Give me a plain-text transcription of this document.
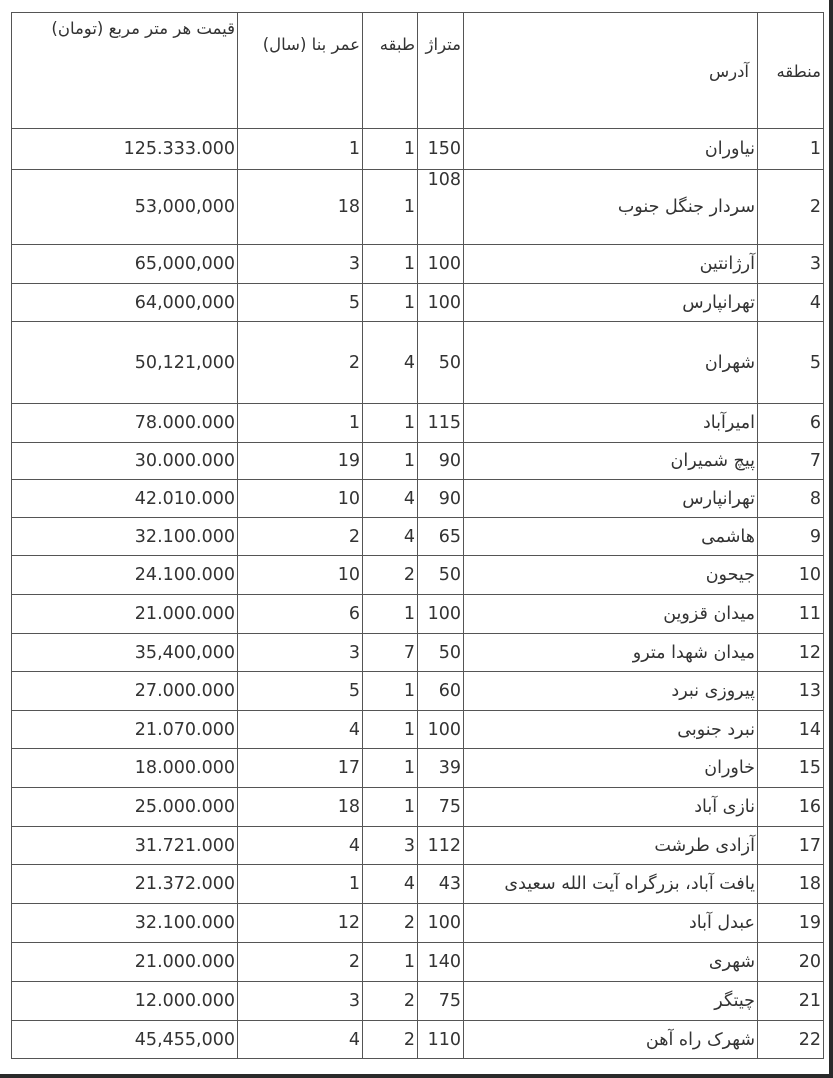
قیمت هر متر مربع (تومان)	عمر بنا (سال)	طبقه	متراژ	آدرس	منطقه
125.333.000	1	1	150	نیاوران	1
53,000,000	18	1	108	سردار جنگل جنوب	2
65,000,000	3	1	100	آرژانتین	3
64,000,000	5	1	100	تهرانپارس	4
50,121,000	2	4	50	شهران	5
78.000.000	1	1	115	امیرآباد	6
30.000.000	19	1	90	پیچ شمیران	7
42.010.000	10	4	90	تهرانپارس	8
32.100.000	2	4	65	هاشمی	9
24.100.000	10	2	50	جیحون	10
21.000.000	6	1	100	میدان قزوین	11
35,400,000	3	7	50	میدان شهدا مترو	12
27.000.000	5	1	60	پیروزی نبرد	13
21.070.000	4	1	100	نبرد جنوبی	14
18.000.000	17	1	39	خاوران	15
25.000.000	18	1	75	نازی آباد	16
31.721.000	4	3	112	آزادی طرشت	17
21.372.000	1	4	43	یافت آباد، بزرگراه آیت الله سعیدی	18
32.100.000	12	2	100	عبدل آباد	19
21.000.000	2	1	140	شهری	20
12.000.000	3	2	75	چیتگر	21
45,455,000	4	2	110	شهرک راه آهن	22
